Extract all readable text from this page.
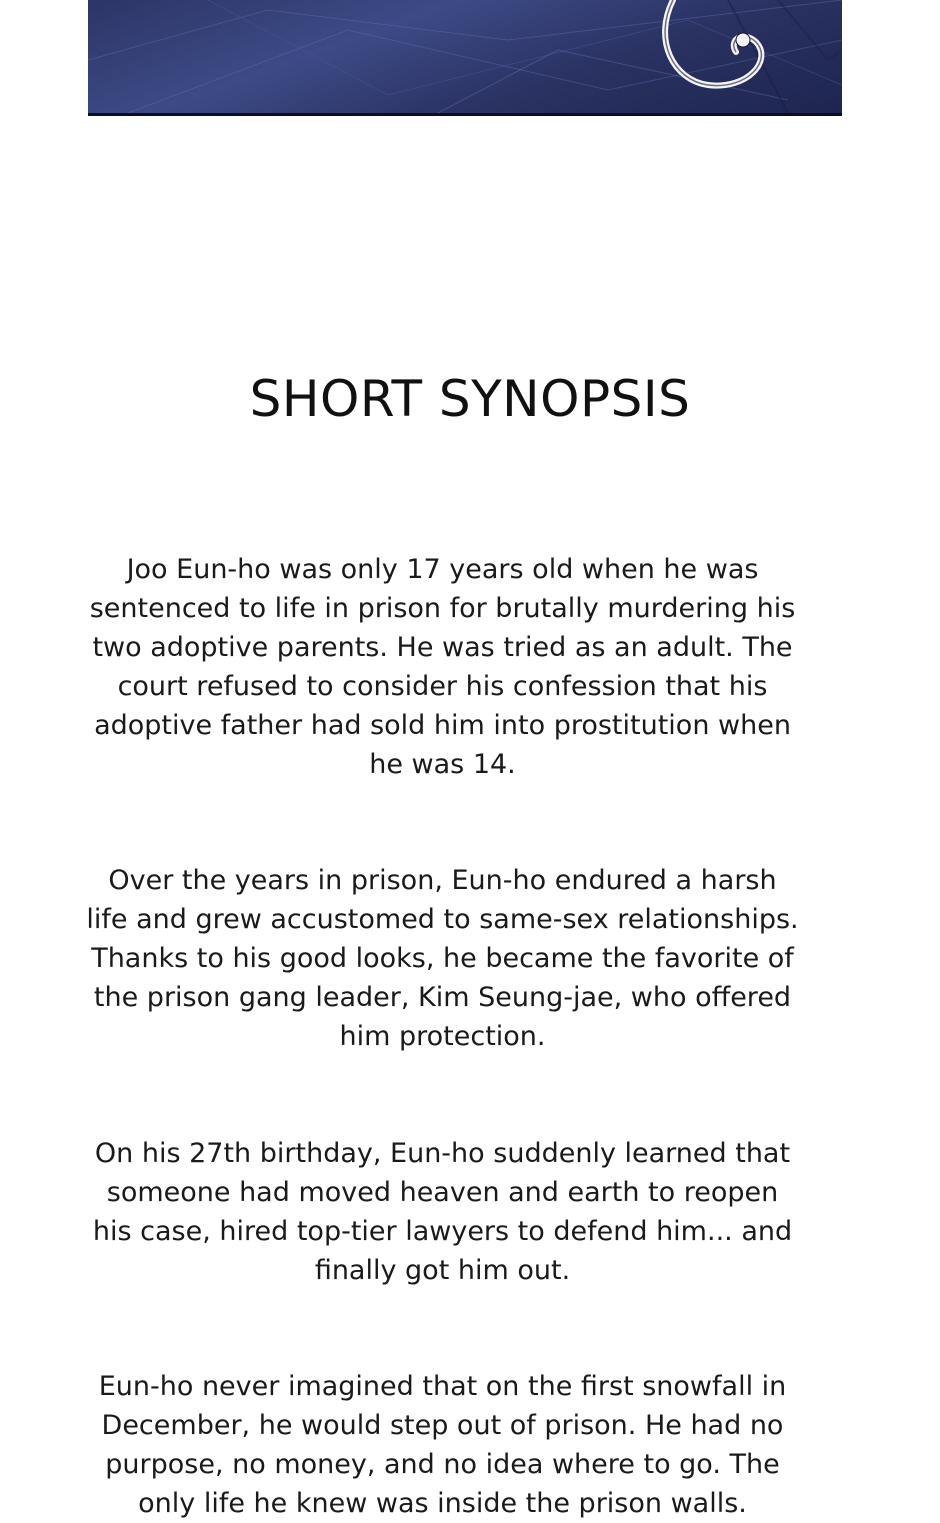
SHORT SYNOPSIS

Joo Eun-ho was only 17 years old when he was
sentenced to life in prison for brutally murdering his
two adoptive parents. He was tried as an adult. The
court refused to consider his confession that his
adoptive father had sold him into prostitution when
he was 14.

Over the years in prison, Eun-ho endured a harsh
life and grew accustomed to same-sex relationships.
Thanks to his good looks, he became the favorite of
the prison gang leader, Kim Seung-jae, who offered
him protection.

On his 27th birthday, Eun-ho suddenly learned that
someone had moved heaven and earth to reopen
his case, hired top-tier lawyers to defend him... and
finally got him out.

Eun-ho never imagined that on the first snowfall in
December, he would step out of prison. He had no
purpose, no money, and no idea where to go. The
only life he knew was inside the prison walls.
